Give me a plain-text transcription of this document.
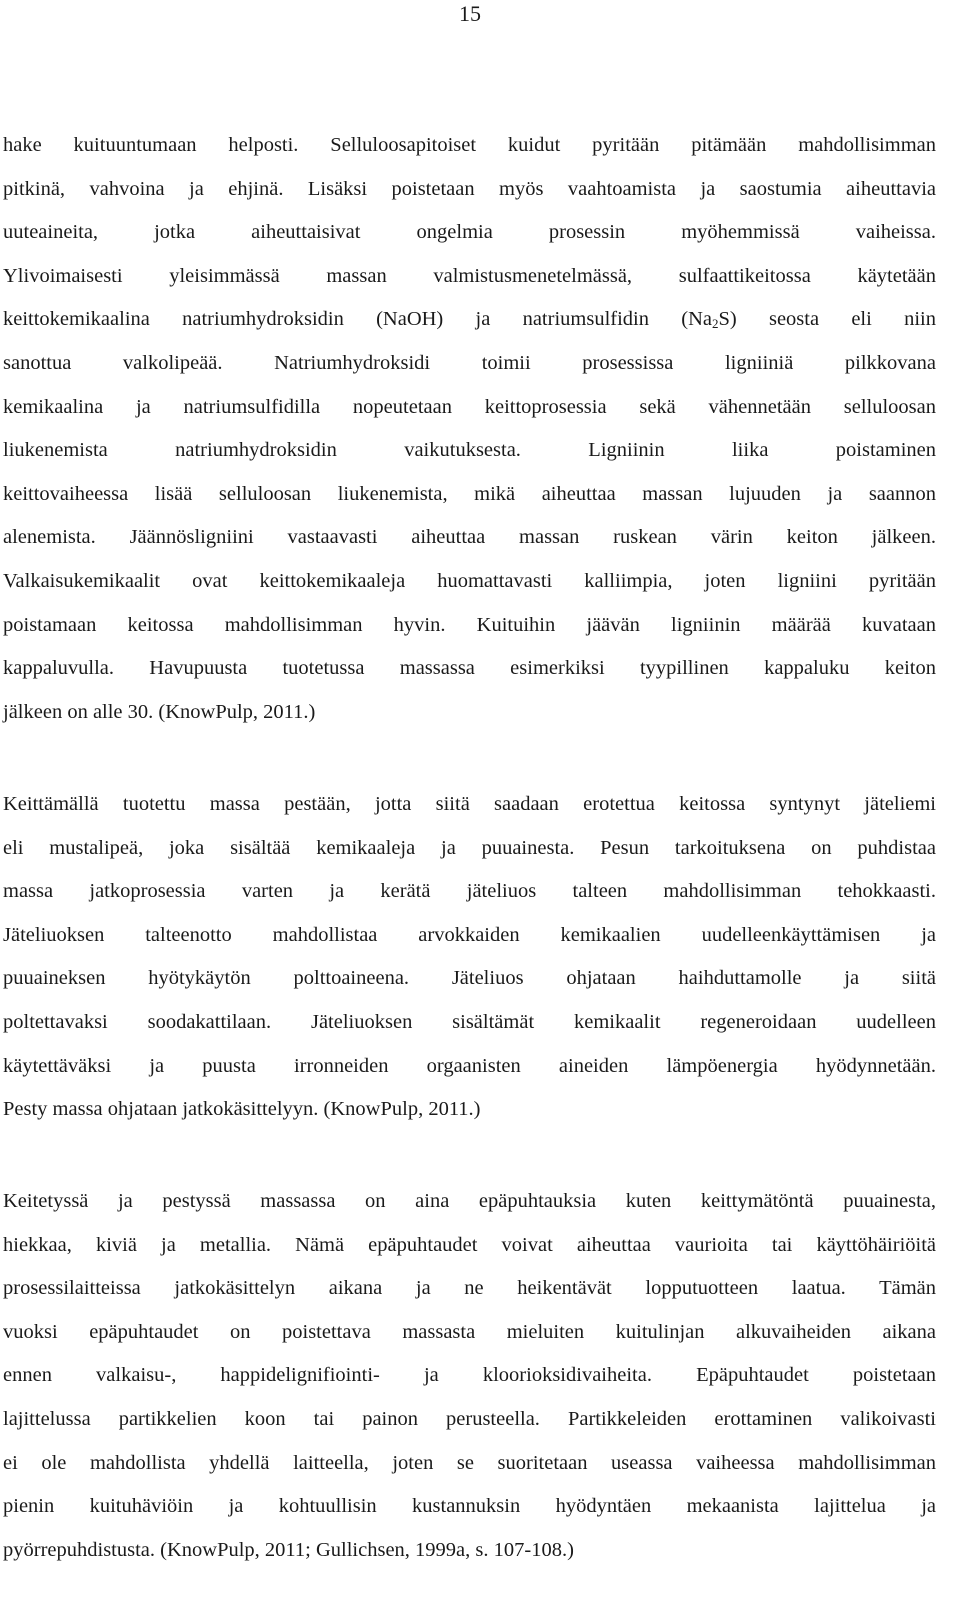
15
hake kuituuntumaan helposti. Selluloosapitoiset kuidut pyritään pitämään mahdollisimman
pitkinä, vahvoina ja ehjinä. Lisäksi poistetaan myös vaahtoamista ja saostumia aiheuttavia
uuteaineita, jotka aiheuttaisivat ongelmia prosessin myöhemmissä vaiheissa.
Ylivoimaisesti yleisimmässä massan valmistusmenetelmässä, sulfaattikeitossa käytetään
keittokemikaalina natriumhydroksidin (NaOH) ja natriumsulfidin $(Na_2S)$ seosta eli niin
sanottua valkolipeää. Natriumhydroksidi toimii prosessissa ligniiniä pilkkovana
kemikaalina ja natriumsulfidilla nopeutetaan keittoprosessia sekä vähennetään selluloosan
liukenemista natriumhydroksidin vaikutuksesta. Ligniinin liika poistaminen
keittovaiheessa lisää selluloosan liukenemista, mikä aiheuttaa massan lujuuden ja saannon
alenemista. Jäännösligniini vastaavasti aiheuttaa massan ruskean värin keiton jälkeen.
Valkaisukemikaalit ovat keittokemikaaleja huomattavasti kalliimpia, joten ligniini pyritään
poistamaan keitossa mahdollisimman hyvin. Kuituihin jäävän ligniinin määrää kuvataan
kappaluvulla. Havupuusta tuotetussa massassa esimerkiksi tyypillinen kappaluku keiton
jälkeen on alle 30. (KnowPulp, 2011.)
Keittämällä tuotettu massa pestään, jotta siitä saadaan erotettua keitossa syntynyt jäteliemi
eli mustalipeä, joka sisältää kemikaaleja ja puuainesta. Pesun tarkoituksena on puhdistaa
massa jatkoprosessia varten ja kerätä jäteliuos talteen mahdollisimman tehokkaasti.
Jäteliuoksen talteenotto mahdollistaa arvokkaiden kemikaalien uudelleenkäyttämisen ja
puuaineksen hyötykäytön polttoaineena. Jäteliuos ohjataan haihduttamolle ja siitä
poltettavaksi soodakattilaan. Jäteliuoksen sisältämät kemikaalit regeneroidaan uudelleen
käytettäväksi ja puusta irronneiden orgaanisten aineiden lämpöenergia hyödynnetään.
Pesty massa ohjataan jatkokäsittelyyn. (KnowPulp, 2011.)
Keitetyssä ja pestyssä massassa on aina epäpuhtauksia kuten keittymätöntä puuainesta,
hiekkaa, kiviä ja metallia. Nämä epäpuhtaudet voivat aiheuttaa vaurioita tai käyttöhäiriöitä
prosessilaitteissa jatkokäsittelyn aikana ja ne heikentävät lopputuotteen laatua. Tämän
vuoksi epäpuhtaudet on poistettava massasta mieluiten kuitulinjan alkuvaiheiden aikana
ennen valkaisu-, happidelignifiointi- ja kloorioksidivaiheita. Epäpuhtaudet poistetaan
lajittelussa partikkelien koon tai painon perusteella. Partikkeleiden erottaminen valikoivasti
ei ole mahdollista yhdellä laitteella, joten se suoritetaan useassa vaiheessa mahdollisimman
pienin kuituhäviöin ja kohtuullisin kustannuksin hyödyntäen mekaanista lajittelua ja
pyörrepuhdistusta. (KnowPulp, 2011; Gullichsen, 1999a, s. 107-108.)
